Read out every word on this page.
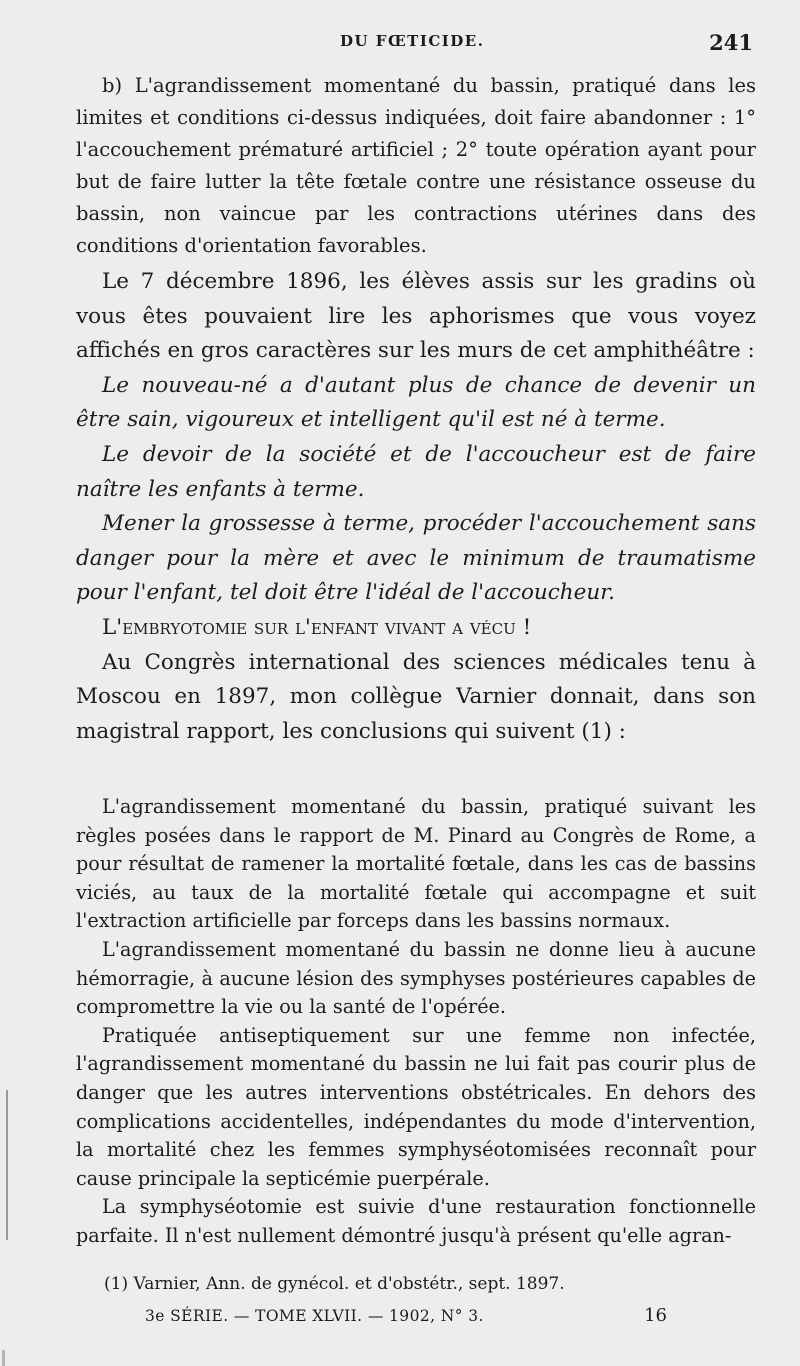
DU FŒTICIDE.	241

b) L'agrandissement momentané du bassin, pratiqué dans les limites et conditions ci-dessus indiquées, doit faire abandonner : 1° l'accouchement prématuré artificiel ; 2° toute opération ayant pour but de faire lutter la tête fœtale contre une résistance osseuse du bassin, non vaincue par les contractions utérines dans des conditions d'orientation favorables.

Le 7 décembre 1896, les élèves assis sur les gradins où vous êtes pouvaient lire les aphorismes que vous voyez affichés en gros caractères sur les murs de cet amphithéâtre :

Le nouveau-né a d'autant plus de chance de devenir un être sain, vigoureux et intelligent qu'il est né à terme.

Le devoir de la société et de l'accoucheur est de faire naître les enfants à terme.

Mener la grossesse à terme, procéder l'accouchement sans danger pour la mère et avec le minimum de traumatisme pour l'enfant, tel doit être l'idéal de l'accoucheur.

L'embryotomie sur l'enfant vivant a vécu !

Au Congrès international des sciences médicales tenu à Moscou en 1897, mon collègue Varnier donnait, dans son magistral rapport, les conclusions qui suivent (1) :

L'agrandissement momentané du bassin, pratiqué suivant les règles posées dans le rapport de M. Pinard au Congrès de Rome, a pour résultat de ramener la mortalité fœtale, dans les cas de bassins viciés, au taux de la mortalité fœtale qui accompagne et suit l'extraction artificielle par forceps dans les bassins normaux.

L'agrandissement momentané du bassin ne donne lieu à aucune hémorragie, à aucune lésion des symphyses postérieures capables de compromettre la vie ou la santé de l'opérée.

Pratiquée antiseptiquement sur une femme non infectée, l'agrandissement momentané du bassin ne lui fait pas courir plus de danger que les autres interventions obstétricales. En dehors des complications accidentelles, indépendantes du mode d'intervention, la mortalité chez les femmes symphyséotomisées reconnaît pour cause principale la septicémie puerpérale.

La symphyséotomie est suivie d'une restauration fonctionnelle parfaite. Il n'est nullement démontré jusqu'à présent qu'elle agran-

(1) Varnier, Ann. de gynécol. et d'obstétr., sept. 1897.
3e SÉRIE. — TOME XLVII. — 1902, N° 3.	16
